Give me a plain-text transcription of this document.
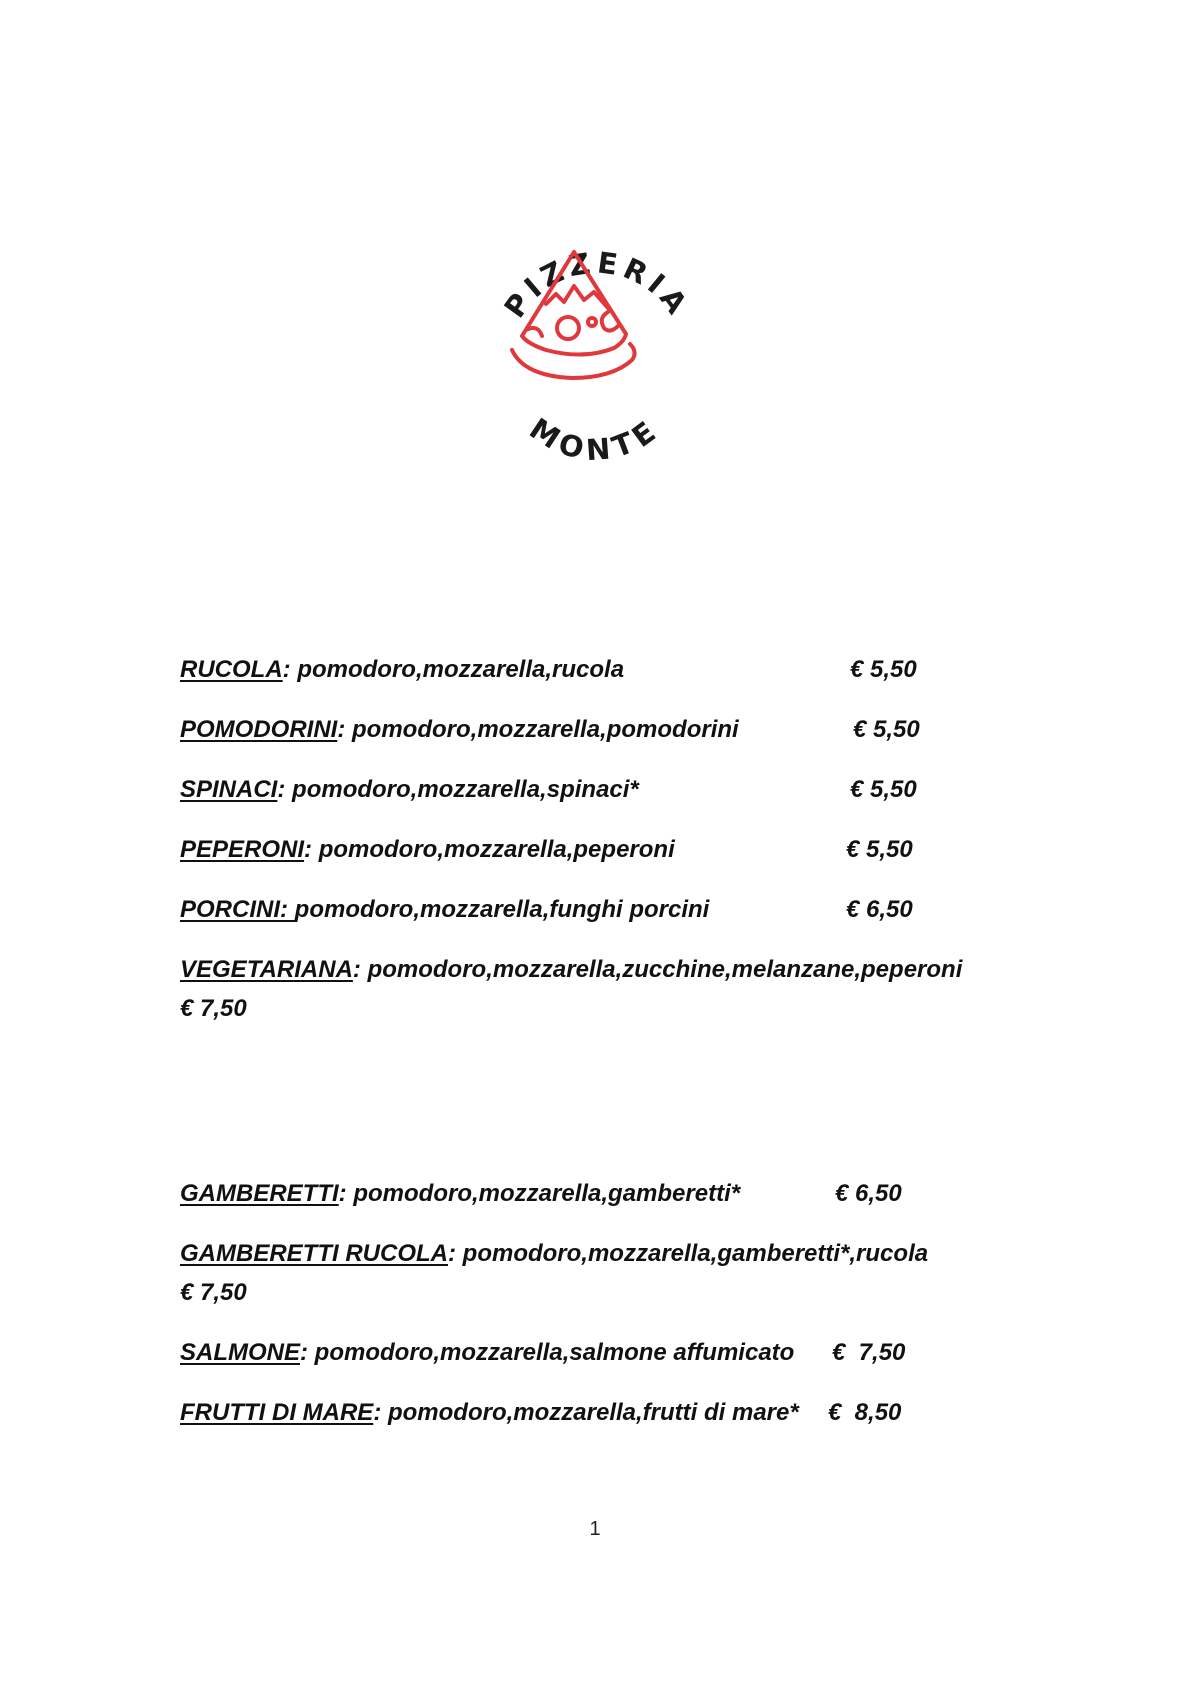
PIZZERIA
MONTE
RUCOLA: pomodoro,mozzarella,rucola	€ 5,50
POMODORINI: pomodoro,mozzarella,pomodorini	€ 5,50
SPINACI: pomodoro,mozzarella,spinaci*	€ 5,50
PEPERONI: pomodoro,mozzarella,peperoni	€ 5,50
PORCINI: pomodoro,mozzarella,funghi porcini	€ 6,50
VEGETARIANA: pomodoro,mozzarella,zucchine,melanzane,peperoni
€ 7,50
GAMBERETTI: pomodoro,mozzarella,gamberetti*	€ 6,50
GAMBERETTI RUCOLA: pomodoro,mozzarella,gamberetti*,rucola
€ 7,50
SALMONE: pomodoro,mozzarella,salmone affumicato €  7,50
FRUTTI DI MARE: pomodoro,mozzarella,frutti di mare* €  8,50
1
